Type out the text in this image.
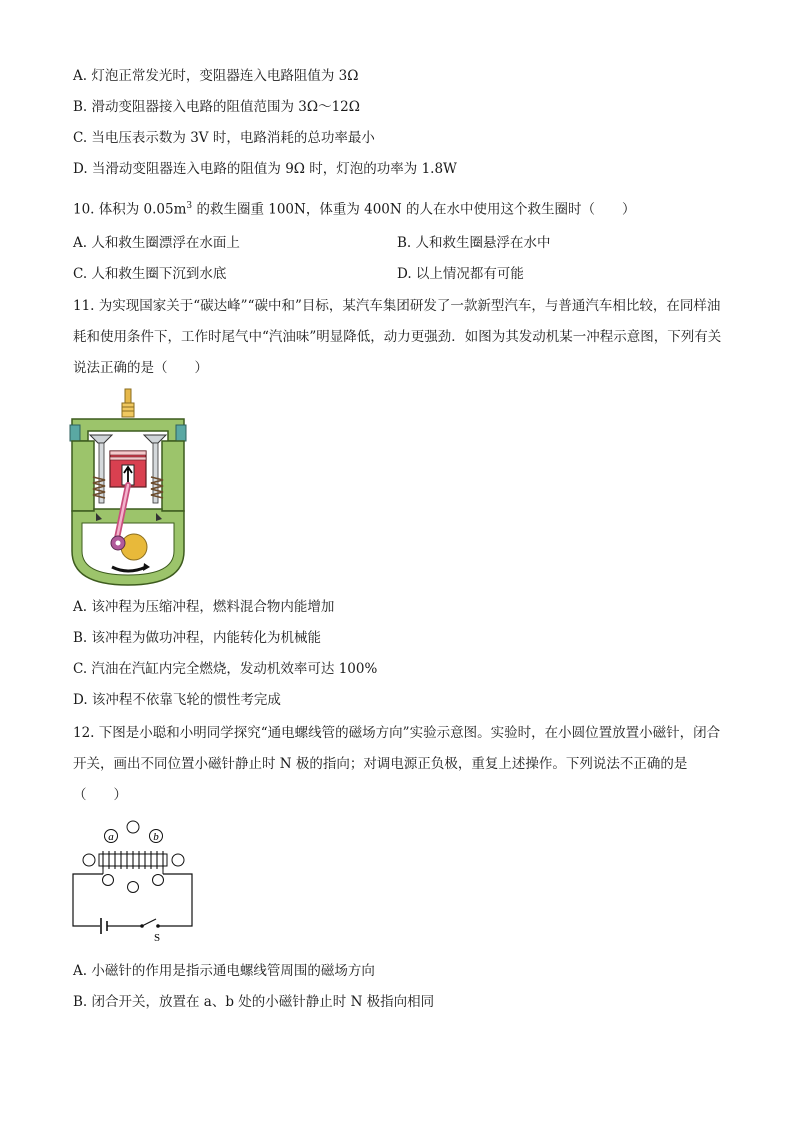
A. 灯泡正常发光时，变阻器连入电路阻值为 3Ω
B. 滑动变阻器接入电路的阻值范围为 3Ω～12Ω
C. 当电压表示数为 3V 时，电路消耗的总功率最小
D. 当滑动变阻器连入电路的阻值为 9Ω 时，灯泡的功率为 1.8W
10. 体积为 $0.05m^3$ 的救生圈重 100N，体重为 400N 的人在水中使用这个救生圈时（　　）
A. 人和救生圈漂浮在水面上	B. 人和救生圈悬浮在水中
C. 人和救生圈下沉到水底	D. 以上情况都有可能
11. 为实现国家关于“碳达峰”“碳中和”目标，某汽车集团研发了一款新型汽车，与普通汽车相比较，在同样油耗和使用条件下，工作时尾气中“汽油味”明显降低，动力更强劲．如图为其发动机某一冲程示意图，下列有关说法正确的是（　　）
A. 该冲程为压缩冲程，燃料混合物内能增加
B. 该冲程为做功冲程，内能转化为机械能
C. 汽油在汽缸内完全燃烧，发动机效率可达 100%
D. 该冲程不依靠飞轮的惯性考完成
12. 下图是小聪和小明同学探究“通电螺线管的磁场方向”实验示意图。实验时，在小圆位置放置小磁针，闭合开关，画出不同位置小磁针静止时 N 极的指向；对调电源正负极，重复上述操作。下列说法不正确的是（　　）
a	b
S
A. 小磁针的作用是指示通电螺线管周围的磁场方向
B. 闭合开关，放置在 a、b 处的小磁针静止时 N 极指向相同
